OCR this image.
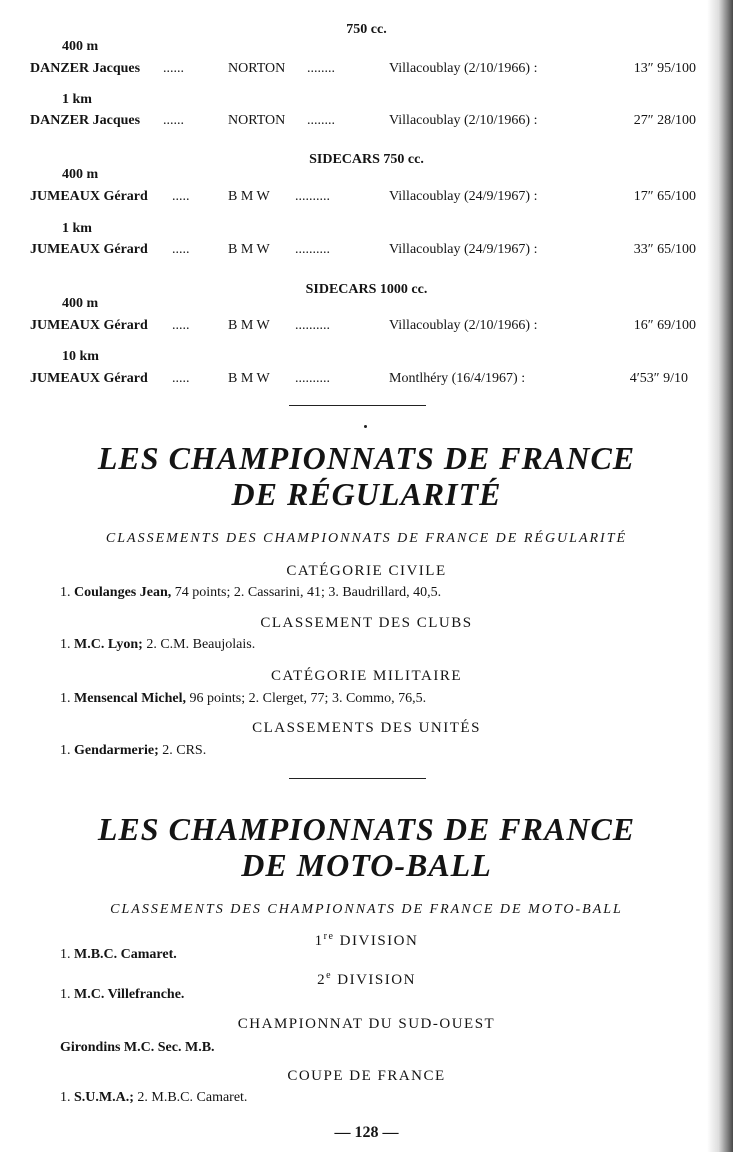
750 cc.
400 m
DANZER Jacques ......	NORTON ........	Villacoublay (2/10/1966) :	13″ 95/100
1 km
DANZER Jacques ......	NORTON ........	Villacoublay (2/10/1966) :	27″ 28/100
SIDECARS 750 cc.
400 m
JUMEAUX Gérard .....	B M W ..........	Villacoublay (24/9/1967) :	17″ 65/100
1 km
JUMEAUX Gérard .....	B M W ..........	Villacoublay (24/9/1967) :	33″ 65/100
SIDECARS 1000 cc.
400 m
JUMEAUX Gérard .....	B M W ..........	Villacoublay (2/10/1966) :	16″ 69/100
10 km
JUMEAUX Gérard .....	B M W ..........	Montlhéry (16/4/1967) :	4′53″ 9/10
LES CHAMPIONNATS DE FRANCE
DE RÉGULARITÉ
CLASSEMENTS DES CHAMPIONNATS DE FRANCE DE RÉGULARITÉ
CATÉGORIE CIVILE
1. Coulanges Jean, 74 points; 2. Cassarini, 41; 3. Baudrillard, 40,5.
CLASSEMENT DES CLUBS
1. M.C. Lyon; 2. C.M. Beaujolais.
CATÉGORIE MILITAIRE
1. Mensencal Michel, 96 points; 2. Clerget, 77; 3. Commo, 76,5.
CLASSEMENTS DES UNITÉS
1. Gendarmerie; 2. CRS.
LES CHAMPIONNATS DE FRANCE
DE MOTO-BALL
CLASSEMENTS DES CHAMPIONNATS DE FRANCE DE MOTO-BALL
1re DIVISION
1. M.B.C. Camaret.
2e DIVISION
1. M.C. Villefranche.
CHAMPIONNAT DU SUD-OUEST
Girondins M.C. Sec. M.B.
COUPE DE FRANCE
1. S.U.M.A.; 2. M.B.C. Camaret.
— 128 —
